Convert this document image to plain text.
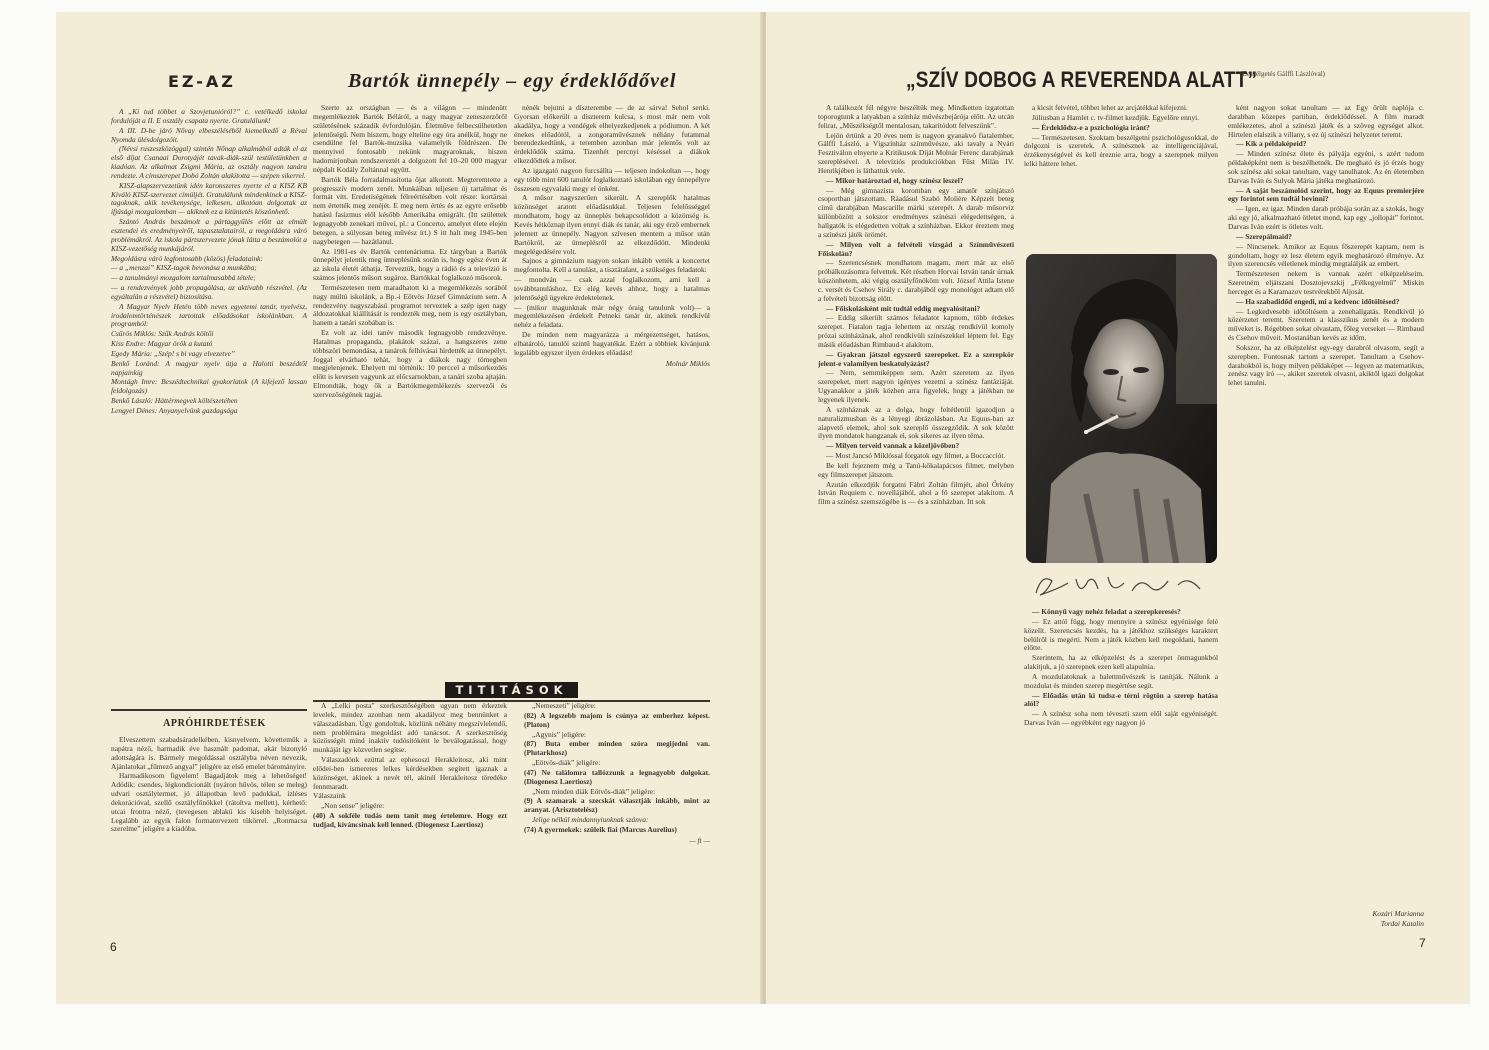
EZ-AZ	Bartók ünnepély – egy érdeklődővel

A „Ki tud többet a Szovjetunióról?” c. vetélkedő iskolai fordulóját a II. E osztály csapata nyerte. Gratulálunk!

A III. D-be járó Nővay elbeszéléséből kiemelkedő a Révai Nyomda ülésdolgozóit.

(Névsi ruszeszközöggal) szintén Nőnap alkalmából adták el az első díjat Csanaai Dorotyájét tavak-diák-szül testületünkben a kiadóan. Az alkalmat Zsigmi Mária, az osztály nagyon tanára rendezte. A címszerepet Dobó Zoltán alakította — szépen sikerrel.

KISZ-alapszervezetünk idén karonszeres nyerte el a KISZ KB Kiváló KISZ-szervezet címüljét. Gratulálunk mindenkinek a KISZ-tagoknak, akik tevékenysége, lelkesen, alkotóan dolgoztak az ifjúsági mozgalomban — akiknek ez a kitüntetés köszönhető.

Szántó András beszámolt a pártaggyűlés előtt az elmúlt esztendei és eredményeiről, tapasztalatairól, a megoldásra váró problémákról. Az iskola pártszervezete jónak látta a beszámolót a KISZ-vezetőség munkájáról.

Megoldásra váró legfontosabb (közös) feladataink:

— a „menzai” KISZ-tagok bevonása a munkába;

— a tanulmányi mozgalom tartalmasabbá tétele;

— a rendezvények jobb propagálása, az aktívabb részvétel. (Az egyáltalán a részvétel) biztosítása.

A Magyar Nyelv Hetén több neves egyetemi tanár, nyelvész, irodalomtörténészek tartottak előadásokat iskolánkban. A programból:

Csűrös Miklós: Szűk András költői

Kiss Endre: Magyar örök a kutató

Egedy Mária: „Szép! s bi vagy elvezetve”

Benkő Loránd: A magyar nyelv útja a Halotti beszédtől napjainkig

Montágh Imre: Beszédtechnikai gyakorlatok (A kifejező lassan feldolgozás)

Benkő László: Háttérmegvek költészetében

Lengyel Dénes: Anyanyelvünk gazdagsága

APRÓHIRDETÉSEK

Elveszettem szabadsáradelkében, kisnyelvem, követtemük a napátra néző, harmadik éve használt padomat, akár bizonyló adottságára is. Bármely megoldással osztályba néven nevezik, Ajánlatokat „fűmező angyal” jeligére az első emelet bárományire.

Harmadikosom figyelem! Bagadjátok meg a lehetőséget! Adódik: csendes, légkondicionált (nyáron hűvös, télen se meleg) udvari osztálytermet, jó állapotban levő padokkal, ízléses dekorációval, szellő osztályfőnökkel (rátoltva mellett), kérhető: utcai frontra néző, (tevegesen ablakú kis kisebb helyiséget. Legalább az egyik falon formatervezett tükörrel. „Ronmacsa szerelme” jeligére a kiadóba.

Szerte az országban — és a világon — mindenütt megemlékeztek Bartók Béláról, a nagy magyar zeneszerzőről születésének századik évfordulóján. Életműve felbecsülhetetlen jelentőségű. Nem hiszem, hogy elteline egy óra anélkül, hogy ne csendülne fel Bartók-muzsika valamelyik földrészen. De mennyivel fontosabb nekünk magyaroknak, hiszen hadomirjonban rendszereztét a dolgozott fel 10–20 000 magyar népdalt Kodály Zoltánnal együtt.

Bartók Béla forradalmasította őjat alkotott. Megteremtette a progresszív modern zenét. Munkáiban teljesen új tartalmat és formát vitt. Eredetiségének félreértésében volt része: kortársai nem értették meg zenéjét. E meg nem értés és az egyre erősebb hatású fasizmus elől később Amerikába emigrált. (Itt születtek legnagyobb zenekari művei, pl.: a Concerto, amelyet élete elején betegen, a súlyosan beteg művész írt.) S itt halt meg 1945-ben nagybetegen — hazátlanul.

Az 1981-es év Bartók centenáriuma. Ez tárgyban a Bartók ünnepélyt jelentik meg ünneplésünk során is, hogy egész éven át az iskola életét áthatja. Terveztük, hogy a rádió és a televízió is számos jelentős műsort sugároz. Bartókkal foglalkozó műsorok.

Természetesen nem maradhatott ki a megemlékezés sorából nagy múltú iskolánk, a Bp.-i Eötvös József Gimnázium sem. A rendezvény nagyszabású programot terveztek a szép igen nagy áldozatokkal kiállítását is rendezték meg, nem is egy osztályban, hanem a tanári szobában is.

Ez volt az idei tanév második legnagyobb rendezvénye. Hatalmas propaganda, plakátok százai, a hangszeres zene többszöri bemondása, a tanárok felhívásai hirdették az ünnepélyt. Joggal elvárható tehát, hogy a diákok nagy tömegben megjelenjenek. Ehelyett mi történik: 10 perccel a műsorkezdés előtt is kevesen vagyunk az előcsarnokban, a tanári szoba ajtaján. Elmondták, hogy ők a Bartókmegemlékezés szervezői és szervezőségének tagjai.

nénék bejutni a díszterembe — de az sárva! Sehol senki. Gyorsan előkerült a díszterem kulcsa, s most már nem volt akadálya, hogy a vendégek elhelyezkedjenek a pódiumon. A két énekes előadótól, a zongoraművésznek néhány futammal berendezkedtünk, a teremben azonban már jelentős volt az érdeklődők száma. Tizenhét percnyi késéssel a diákok elkezdődtek a műsor.

Az igazgató nagyon furcsállta — teljesen indokoltan —, hogy egy több mint 600 tanulót foglalkoztató iskolában egy ünnepélyre összesen egyvalaki megy el önként.

A műsor nagyszerűen sikerült. A szereplők hatalmas közönséget aratott előadásukkal. Teljesen felelősséggel mondhatom, hogy az ünneplés bekapcsolódott a közönség is. Kevés hétköznap ilyen ennyi diák és tanár, aki egy érző embernek jelentett az ünnepély. Nagyon szívesen mentem a műsor után Bartókról, az ünneplésről az elkezdődött. Mindenki megelégedésére volt.

Sajnos a gimnázium nagyon sokan inkább vették a koncertet megfontolta. Kell a tanulást, a tisztátalant, a szükséges feladatok:

— mondván — csak azzal foglalkozom, ami kell a továbbtanuláshoz. Ez elég kevés ahhoz, hogy a hatalmas jelentőségű ügyekre érdektelenek.

— (mikor magunknak már négy óraig tanulunk volt)— a megemlékezésen érdekelt Petneki tanár úr, akinek rendkívül nehéz a feladata.

De minden nem magyarázza a mérgezettséget, hatásos, elhatároló, tanulói szintű hagyatékát. Ezért a többiek kívánjunk legalább egyszer ilyen érdekes előadást!

Molnár Miklós

TITITÁSOK

A „Lelki posta” szerkesztőségében ugyan nem érkeztek levelek, mindez azonban nem akadályoz meg bennünket a válaszadásban. Úgy gondoltuk, közlünk néhány megszívlelendő, nem problémára megoldást adó tanácsot. A szerkesztőség közösségét mind inaktív tudósítóként le beválogatással, hogy munkáját így közvetlen segítse.

Válaszadónk ezúttal az ephesoszi Herakleitosz, aki mint elődei-ben ismeretes lelkes kérdésekben segített igaznak a közönséget, akinek a nevét tél, akinél Herakleitosz töredéke fennmaradt.

Válaszaink

„Non sense” jeligére:

(40) A sokféle tudás nem tanít meg értelemre. Hogy ezt tudjad, kíváncsinak kell lenned. (Diogenesz Laertiosz)

„Nemeszeti” jeligére:

(82) A legszebb majom is csúnya az emberhez képest. (Platon)

„Agynis” jeligére:

(87) Buta ember minden szóra megijedni van. (Plutarkhosz)

„Eötvös-diák” jeligére:

(47) Ne találomra tallózzunk a legnagyobb dolgokat. (Diogenesz Laertiosz)

„Nem minden diák Eötvös-diák” jeligére:

(9) A szamarak a szecskát választják inkább, mint az aranyat. (Arisztotelész)

Jelige nélkül mindannyiunknak szánva:

(74) A gyermekek: szüleik fiai (Marcus Aurelius)

— ft —

6
„SZÍV DOBOG A REVERENDA ALATT”
(Beszélgetés Gálffi Lászlóval)

A találkozót fél négyre beszéltük meg. Mindketten izgatottan toporogtunk a latyakban a színház művészbejárója előtt. Az utcán felirat, „Műszékségtől mentalosan, takarítódott felveszünk”.

Lejön értünk a 20 éves nem is nagyon gyanakvó fiatalember, Gálffi László, a Vígszínház színművésze, aki tavaly a Nyári Fesztiválon elnyerte a Kritikusok Díját Molnár Ferenc darabjának szereplésével. A televíziós produkciókban Fűst Milán IV. Henrikjében is láthattuk vele.

— Mikor határoztad el, hogy színész leszel?

— Még gimnazista koromban egy amatőr színjátszó csoportban játszottam. Ráadásul Szabó Molière Képzelt beteg című darabjában Mascarille márki szerepét. A darab műsorvíz különbözött a sokszor eredményes színészi elégedettségen, a hallgatók is elégedetten voltak a színházban. Ekkor éreztem meg a színészi játék örömét.

— Milyen volt a felvételi vizsgád a Színművészeti Főiskolán?

— Szerencsésnek mondhatom magam, mert már az első próbálkozásomra felvettek. Két részben Horvai István tanár úrnak köszönhetem, aki végig osztályfőnököm volt. József Attila Istene c. versét és Csehov Sirály c. darabjából egy monológot adtam elő a felvételi bizottság előtt.

— Főiskolásként mit tudtál eddig megvalósítani?

— Eddig sikerült számos feladatot kapnom, több érdekes szerepet. Fiatalon tagja lehettem az ország rendkívül komoly prózai színházának, ahol rendkívüli színészekkel léptem fel. Egy másik előadásban Rimbaud-t alakítom.

— Gyakran játszol egyszerű szerepeket. Ez a szerepkör jelent-e valamilyen beskatulyázást?

— Nem, semmiképpen sem. Azért szeretem az ilyen szerepeket, mert nagyon igényes vezetni a színész fantáziáját. Ugyanakkor a játék közben arra figyelek, hogy a játékban ne legyenek ilyenek.

A színháznak az a dolga, hogy feltétlenül igazodjon a naturalizmusban és a lényegi ábrázolásban. Az Equus-ban az alapvető elemek, ahol sok szereplő összegződik. A sok között ilyen mondatok hangzanak el, sok sikeres az ilyen téma.

— Milyen terveid vannak a közeljövőben?

— Most Jancsó Miklóssal forgatok egy filmet, a Boccacciót.

Be kell fejeznem még a Tanú-kőkalapácsos filmet, melyben egy filmszerepet játszom.

Azután elkezdjük forgatni Fábri Zoltán filmjét, ahol Őrkény István Requiem c. novellájából, ahol a fő szerepet alakítom. A film a színész szemszögébe is — és a színházban. Itt sok

a kicsit felvétel, többet lehet az arcjátékkal kifejezni.

Júliusban a Hamlet c. tv-filmet kezdjük. Egyelőre ennyi.

— Érdeklődsz-e a pszichológia iránt?

— Természetesen. Szoktam beszélgetni pszichológusokkal, de dolgozni is szeretek. A színésznek az intelligenciájával, érzékenységével és kell éreznie arra, hogy a szerepnek milyen lelki háttere lehet.

— Könnyű vagy nehéz feladat a szerepkeresés?

— Ez attól függ, hogy mennyire a színész egyénisége felé közelít. Szerencsés kezdés, ha a játékhoz szükséges karaktert belülről is megérti. Nem a játék közben kell megoldani, hanem előtte.

Szerintem, ha az elképzelést és a szerepet önmagunkból alakítjuk, a jó szerepnek ezen kell alapulnia.

A mozdulatoknak a balettművészek is tanítják. Nálunk a mozdulat és minden szerep megértése segít.

— Előadás után ki tudsz-e térni rögtön a szerep hatása alól?

— A színész soha nem téveszti szem elől saját egyéniségét. Darvas Iván — egyébként egy nagyon jó

ként nagyon sokat tanultam — az Egy őrült naplója c. darabban közepes partiban, érdeklődéssel. A film maradt emlékezetes, ahol a színészi játék és a szöveg egységet alkot. Hirtelen elalszik a villany, s ez új színészi helyzetet teremt.

— Kik a példaképeid?

— Minden színész élete és pályája egyéni, s azért tudom példaképként nem is beszélhetnék. De megható és jó érzés hogy sok színész aki sokat tanultam, vagy tanulhatok. Az én életemben Darvas Iván és Sulyok Mária játéka meghatározó.

— A saját beszámolód szerint, hogy az Equus premierjére egy forintot sem tudtál bevinni?

— Igen, ez igaz. Minden darab próbája során az a szokás, hogy aki egy jó, alkalmazható ötletet mond, kap egy „jollopát” forintot. Darvas Iván ezért is ötletes volt.

— Szerepálmaid?

— Nincsenek. Amikor az Equus főszerepét kaptam, nem is gondoltam, hogy ez lesz életem egyik meghatározó élménye. Az ilyen szerencsés véletlenek mindig megtalálják az embert.

Természetesen nekem is vannak azért elképzeléseim. Szeretném eljátszani Dosztojevszkij „Félkegyelmű” Miskin herceget és a Karamazov testvérekből Aljosát.

— Ha szabadidőd engedi, mi a kedvenc időtöltésed?

— Legkedvesebb időtöltésem a zenehallgatás. Rendkívül jó közérzetet teremt. Szeretem a klasszikus zenét és a modern műveket is. Régebben sokat olvastam, főleg verseket — Rimbaud és Csehov műveit. Mostanában kevés az időm.

Sokszor, ha az elképzelést egy-egy darabról olvasom, segít a szerepben. Fontosnak tartom a szerepet. Tanultam a Csehov-darabokból is, hogy milyen példaképet — legyen az matematikus, zenész vagy író —, akiket szeretek olvasni, akiktől igazi dolgokat lehet tanulni.

Kozári Marianna

Tordai Katalin

7
